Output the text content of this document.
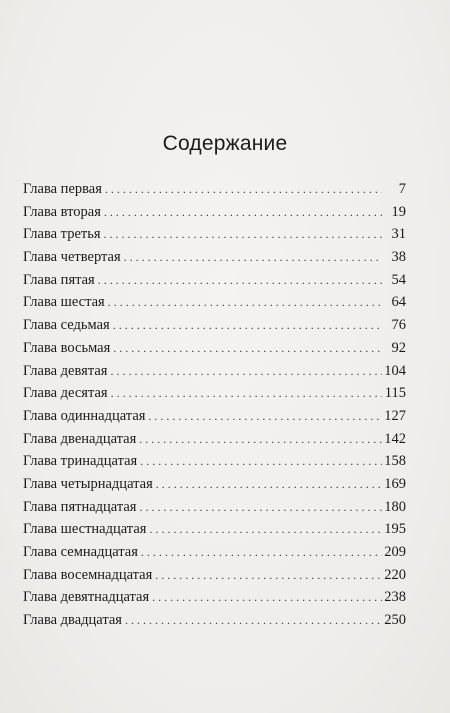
Содержание
Глава первая . . .	7
Глава вторая . . .	19
Глава третья . . .	31
Глава четвертая . . .	38
Глава пятая . . .	54
Глава шестая . . .	64
Глава седьмая . . .	76
Глава восьмая . . .	92
Глава девятая . . .	104
Глава десятая . . .	115
Глава одиннадцатая . . .	127
Глава двенадцатая . . .	142
Глава тринадцатая . . .	158
Глава четырнадцатая . . .	169
Глава пятнадцатая . . .	180
Глава шестнадцатая . . .	195
Глава семнадцатая . . .	209
Глава восемнадцатая . . .	220
Глава девятнадцатая . . .	238
Глава двадцатая . . .	250
